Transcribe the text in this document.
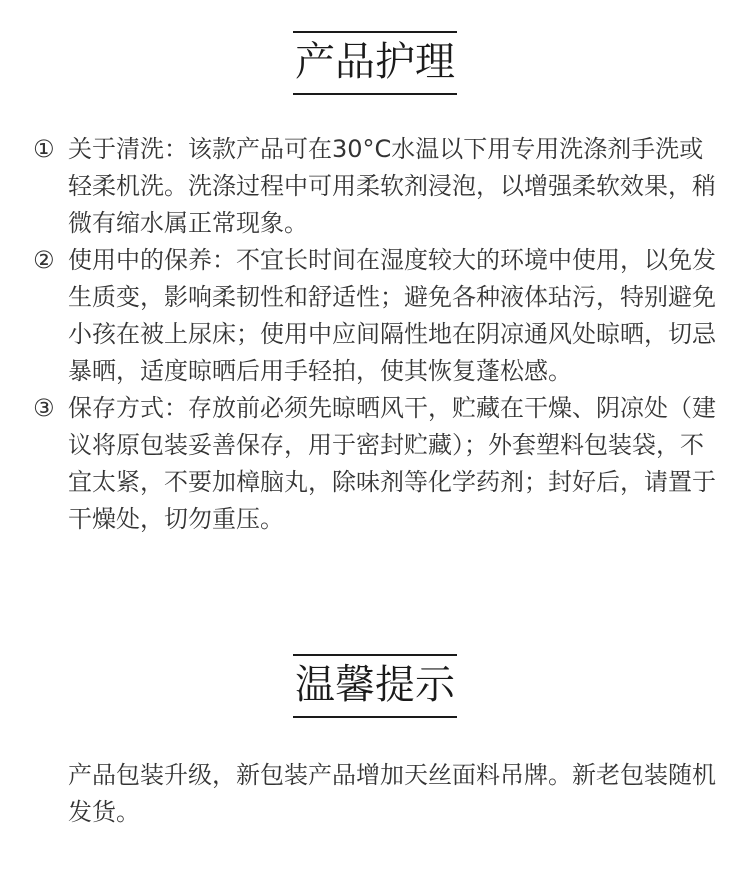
产品护理
① 关于清洗：该款产品可在30°C水温以下用专用洗涤剂手洗或轻柔机洗。洗涤过程中可用柔软剂浸泡，以增强柔软效果，稍微有缩水属正常现象。
② 使用中的保养：不宜长时间在湿度较大的环境中使用，以免发生质变，影响柔韧性和舒适性；避免各种液体玷污，特别避免小孩在被上尿床；使用中应间隔性地在阴凉通风处晾晒，切忌暴晒，适度晾晒后用手轻拍，使其恢复蓬松感。
③ 保存方式：存放前必须先晾晒风干，贮藏在干燥、阴凉处（建议将原包装妥善保存，用于密封贮藏）；外套塑料包装袋，不宜太紧，不要加樟脑丸，除味剂等化学药剂；封好后，请置于干燥处，切勿重压。
温馨提示

产品包装升级，新包装产品增加天丝面料吊牌。新老包装随机发货。
